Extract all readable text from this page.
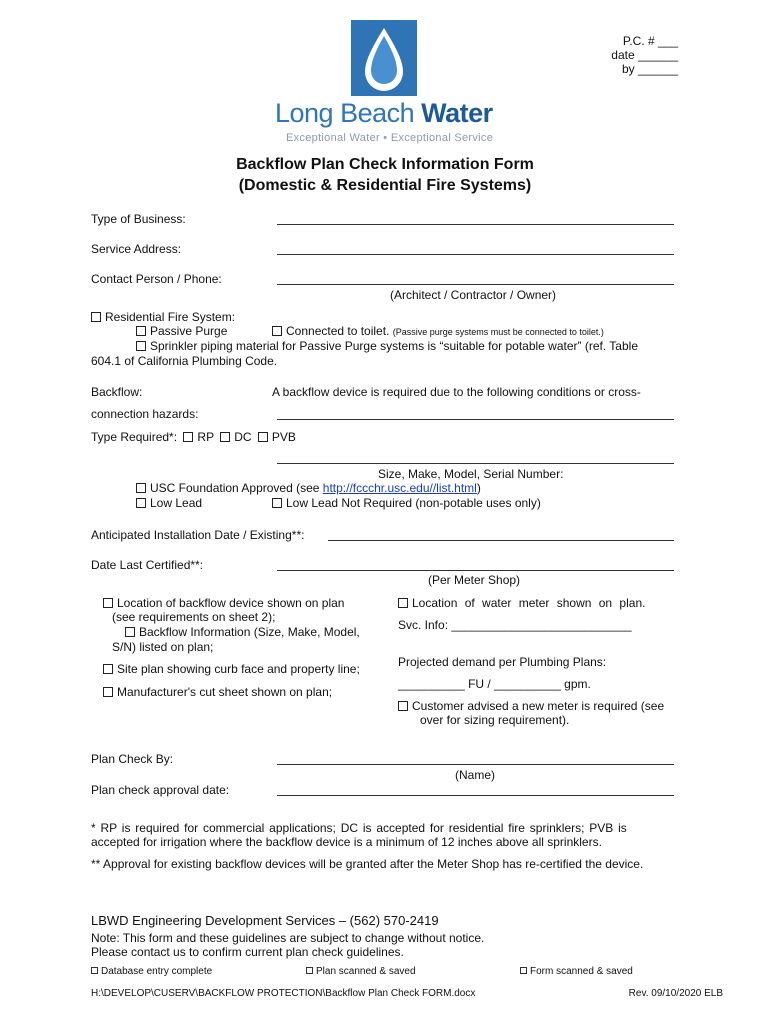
P.C. # ___
date ______
by ______
Long Beach Water
Exceptional Water • Exceptional Service
Backflow Plan Check Information Form
(Domestic & Residential Fire Systems)
Type of Business:
Service Address:
Contact Person / Phone:
(Architect / Contractor / Owner)
Residential Fire System:
Passive Purge	Connected to toilet. (Passive purge systems must be connected to toilet.)
Sprinkler piping material for Passive Purge systems is “suitable for potable water” (ref. Table
604.1 of California Plumbing Code.
Backflow:	A backflow device is required due to the following conditions or cross-
connection hazards:
Type Required*: RP DC PVB
Size, Make, Model, Serial Number:
USC Foundation Approved (see http://fccchr.usc.edu//list.html)
Low Lead	Low Lead Not Required (non-potable uses only)
Anticipated Installation Date / Existing**:
Date Last Certified**:
(Per Meter Shop)
Location of backflow device shown on plan
(see requirements on sheet 2);
Backflow Information (Size, Make, Model,
S/N) listed on plan;
Site plan showing curb face and property line;
Manufacturer's cut sheet shown on plan;
Location of water meter shown on plan.
Svc. Info: ___________________________
Projected demand per Plumbing Plans:
__________ FU / __________ gpm.
Customer advised a new meter is required (see
over for sizing requirement).
Plan Check By:
(Name)
Plan check approval date:
* RP is required for commercial applications; DC is accepted for residential fire sprinklers; PVB is
accepted for irrigation where the backflow device is a minimum of 12 inches above all sprinklers.
** Approval for existing backflow devices will be granted after the Meter Shop has re-certified the device.
LBWD Engineering Development Services – (562) 570-2419
Note: This form and these guidelines are subject to change without notice.
Please contact us to confirm current plan check guidelines.
Database entry complete	Plan scanned & saved	Form scanned & saved
H:\DEVELOP\CUSERV\BACKFLOW PROTECTION\Backflow Plan Check FORM.docx	Rev. 09/10/2020 ELB
